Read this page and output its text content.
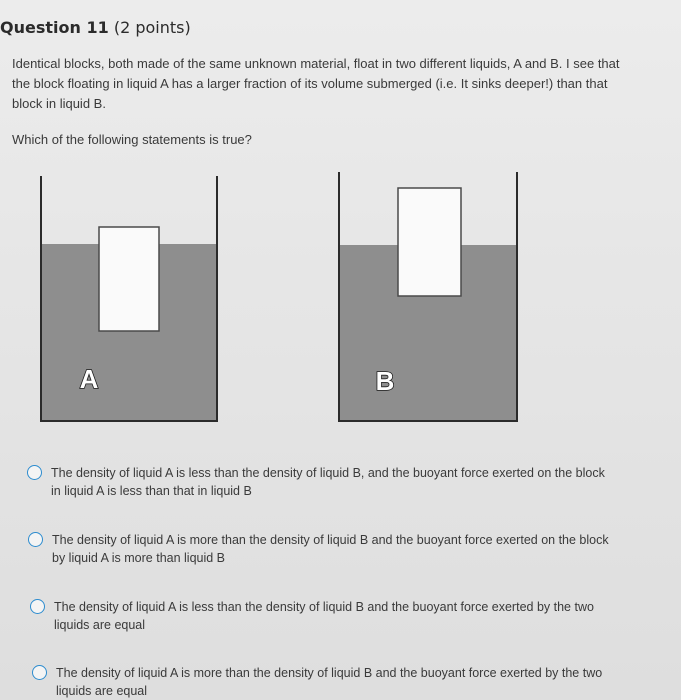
Question 11 (2 points)
Identical blocks, both made of the same unknown material, float in two different liquids, A and B. I see that the block floating in liquid A has a larger fraction of its volume submerged (i.e. It sinks deeper!) than that block in liquid B.
Which of the following statements is true?
A	B
The density of liquid A is less than the density of liquid B, and the buoyant force exerted on the block in liquid A is less than that in liquid B
The density of liquid A is more than the density of liquid B and the buoyant force exerted on the block by liquid A is more than liquid B
The density of liquid A is less than the density of liquid B and the buoyant force exerted by the two liquids are equal
The density of liquid A is more than the density of liquid B and the buoyant force exerted by the two liquids are equal
